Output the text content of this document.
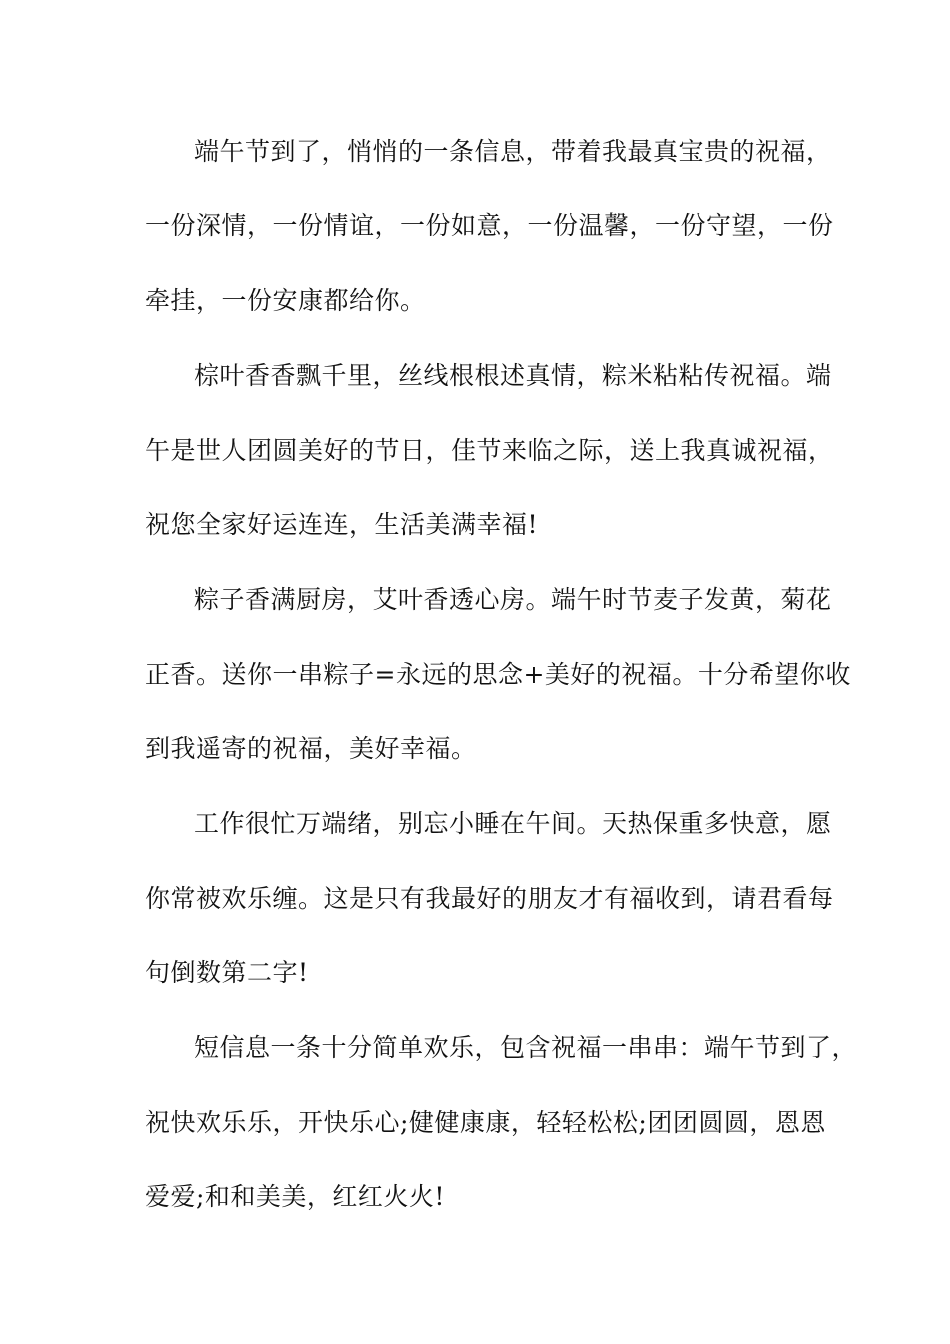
端午节到了，悄悄的一条信息，带着我最真宝贵的祝福，
一份深情，一份情谊，一份如意，一份温馨，一份守望，一份
牵挂，一份安康都给你。
棕叶香香飘千里，丝线根根述真情，粽米粘粘传祝福。端
午是世人团圆美好的节日，佳节来临之际，送上我真诚祝福，
祝您全家好运连连，生活美满幸福!
粽子香满厨房，艾叶香透心房。端午时节麦子发黄，菊花
正香。送你一串粽子=永远的思念+美好的祝福。十分希望你收
到我遥寄的祝福，美好幸福。
工作很忙万端绪，别忘小睡在午间。天热保重多快意，愿
你常被欢乐缠。这是只有我最好的朋友才有福收到，请君看每
句倒数第二字!
短信息一条十分简单欢乐，包含祝福一串串：端午节到了，
祝快欢乐乐，开快乐心;健健康康，轻轻松松;团团圆圆，恩恩
爱爱;和和美美，红红火火!
